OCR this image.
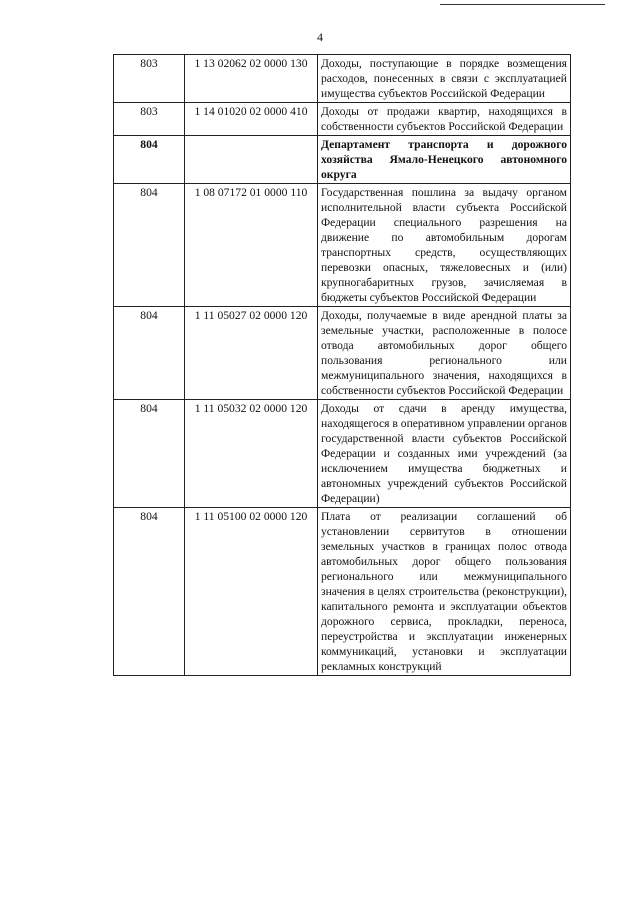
4
803	1 13 02062 02 0000 130	Доходы, поступающие в порядке возмещения расходов, понесенных в связи с эксплуатацией имущества субъектов Российской Федерации
803	1 14 01020 02 0000 410	Доходы от продажи квартир, находящихся в собственности субъектов Российской Федерации
804		Департамент транспорта и дорожного хозяйства Ямало-Ненецкого автономного округа
804	1 08 07172 01 0000 110	Государственная пошлина за выдачу органом исполнительной власти субъекта Российской Федерации специального разрешения на движение по автомобильным дорогам транспортных средств, осуществляющих перевозки опасных, тяжеловесных и (или) крупногабаритных грузов, зачисляемая в бюджеты субъектов Российской Федерации
804	1 11 05027 02 0000 120	Доходы, получаемые в виде арендной платы за земельные участки, расположенные в полосе отвода автомобильных дорог общего пользования регионального или межмуниципального значения, находящихся в собственности субъектов Российской Федерации
804	1 11 05032 02 0000 120	Доходы от сдачи в аренду имущества, находящегося в оперативном управлении органов государственной власти субъектов Российской Федерации и созданных ими учреждений (за исключением имущества бюджетных и автономных учреждений субъектов Российской Федерации)
804	1 11 05100 02 0000 120	Плата от реализации соглашений об установлении сервитутов в отношении земельных участков в границах полос отвода автомобильных дорог общего пользования регионального или межмуниципального значения в целях строительства (реконструкции), капитального ремонта и эксплуатации объектов дорожного сервиса, прокладки, переноса, переустройства и эксплуатации инженерных коммуникаций, установки и эксплуатации рекламных конструкций
